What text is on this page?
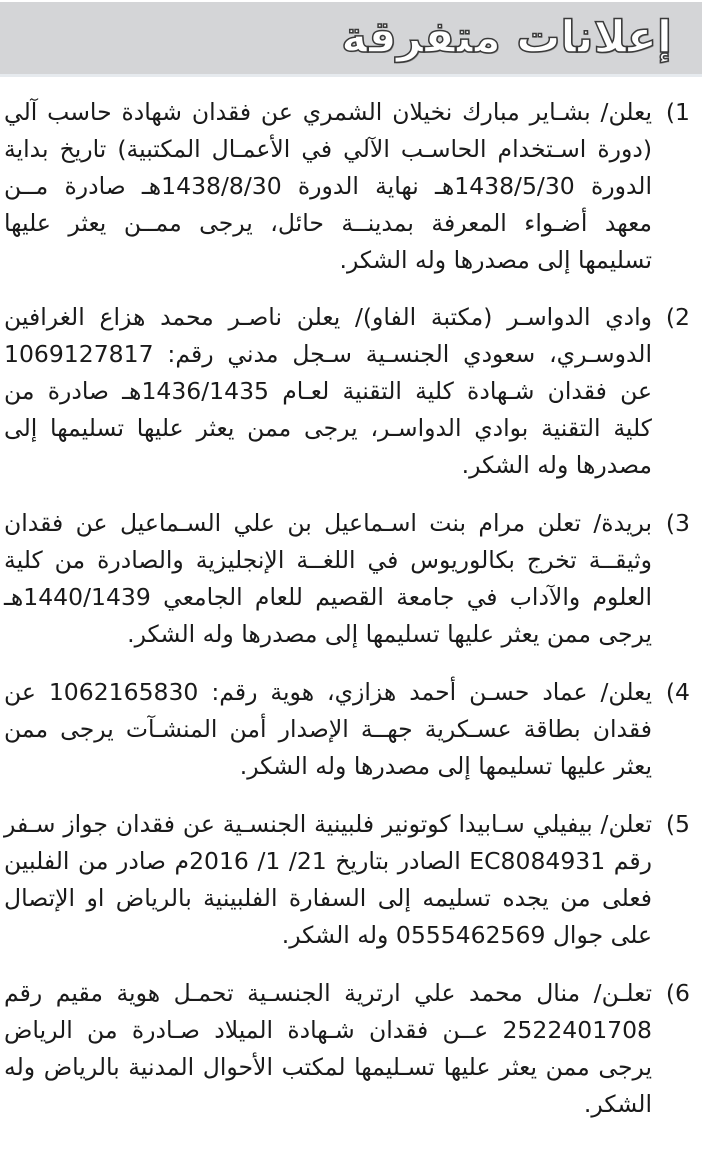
إعلانات متفرقة
1)
يعلن/ بشـاير مبارك نخيلان الشمري عن فقدان شهادة حاسب آلي (دورة اسـتخدام الحاسـب الآلي في الأعمـال المكتبية) تاريخ بداية الدورة 1438/5/30هـ نهاية الدورة 1438/8/30هـ صادرة مــن معهد أضـواء المعرفة بمدينــة حائل، يرجى ممــن يعثر عليها تسليمها إلى مصدرها وله الشكر.
2)
وادي الدواسـر (مكتبة الفاو)/ يعلن ناصـر محمد هزاع الغرافين الدوسـري، سعودي الجنسـية سـجل مدني رقم: 1069127817 عن فقدان شـهادة كلية التقنية لعـام 1436/1435هـ صادرة من كلية التقنية بوادي الدواسـر، يرجى ممن يعثر عليها تسليمها إلى مصدرها وله الشكر.
3)
بريدة/ تعلن مرام بنت اسـماعيل بن علي السـماعيل عن فقدان وثيقــة تخرج بكالوريوس في اللغــة الإنجليزية والصادرة من كلية العلوم والآداب في جامعة القصيم للعام الجامعي 1440/1439هـ يرجى ممن يعثر عليها تسليمها إلى مصدرها وله الشكر.
4)
يعلن/ عماد حسـن أحمد هزازي، هوية رقم: 1062165830 عن فقدان بطاقة عسـكرية جهــة الإصدار أمن المنشـآت يرجى ممن يعثر عليها تسليمها إلى مصدرها وله الشكر.
5)
تعلن/ بيفيلي سـابيدا كوتونير فلبينية الجنسـية عن فقدان جواز سـفر رقم EC8084931 الصادر بتاريخ 21/ 1/ 2016م صادر من الفلبين فعلى من يجده تسليمه إلى السفارة الفلبينية بالرياض او الإتصال على جوال 0555462569 وله الشكر.
6)
تعلـن/ منال محمد علي ارترية الجنسـية تحمـل هوية مقيم رقم 2522401708 عــن فقدان شـهادة الميلاد صـادرة من الرياض يرجى ممن يعثر عليها تسـليمها لمكتب الأحوال المدنية بالرياض وله الشكر.
